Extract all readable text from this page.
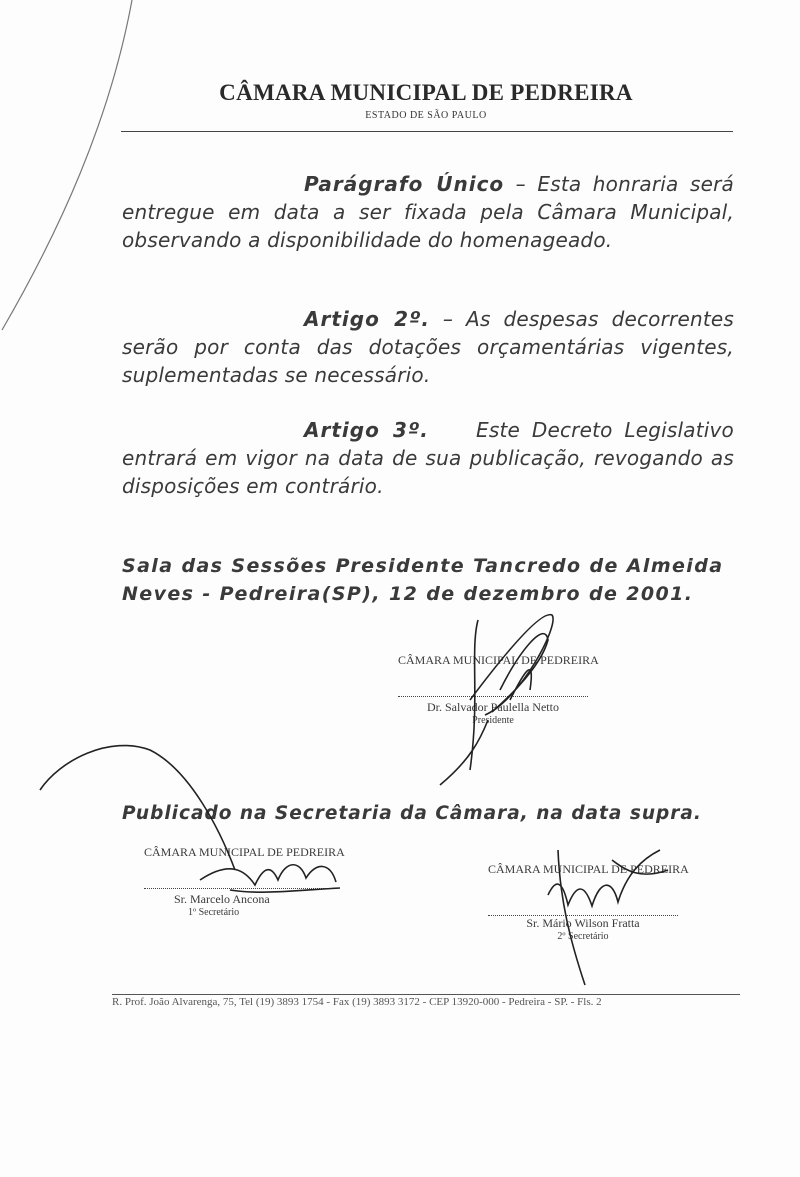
CÂMARA MUNICIPAL DE PEDREIRA
ESTADO DE SÃO PAULO
Parágrafo Único – Esta honraria será entregue em data a ser fixada pela Câmara Municipal, observando a disponibilidade do homenageado.
Artigo 2º. – As despesas decorrentes serão por conta das dotações orçamentárias vigentes, suplementadas se necessário.
Artigo 3º.    Este Decreto Legislativo entrará em vigor na data de sua publicação, revogando as disposições em contrário.
Sala das Sessões Presidente Tancredo de Almeida Neves - Pedreira(SP), 12 de dezembro de 2001.
CÂMARA MUNICIPAL DE PEDREIRA
Dr. Salvador Paulella Netto
Presidente
Publicado na Secretaria da Câmara, na data supra.
CÂMARA MUNICIPAL DE PEDREIRA
Sr. Marcelo Ancona
1º Secretário
CÂMARA MUNICIPAL DE PEDREIRA
Sr. Mário Wilson Fratta
2º Secretário
R. Prof. João Alvarenga, 75, Tel (19) 3893 1754 - Fax (19) 3893 3172 - CEP 13920-000 - Pedreira - SP. - Fls. 2
